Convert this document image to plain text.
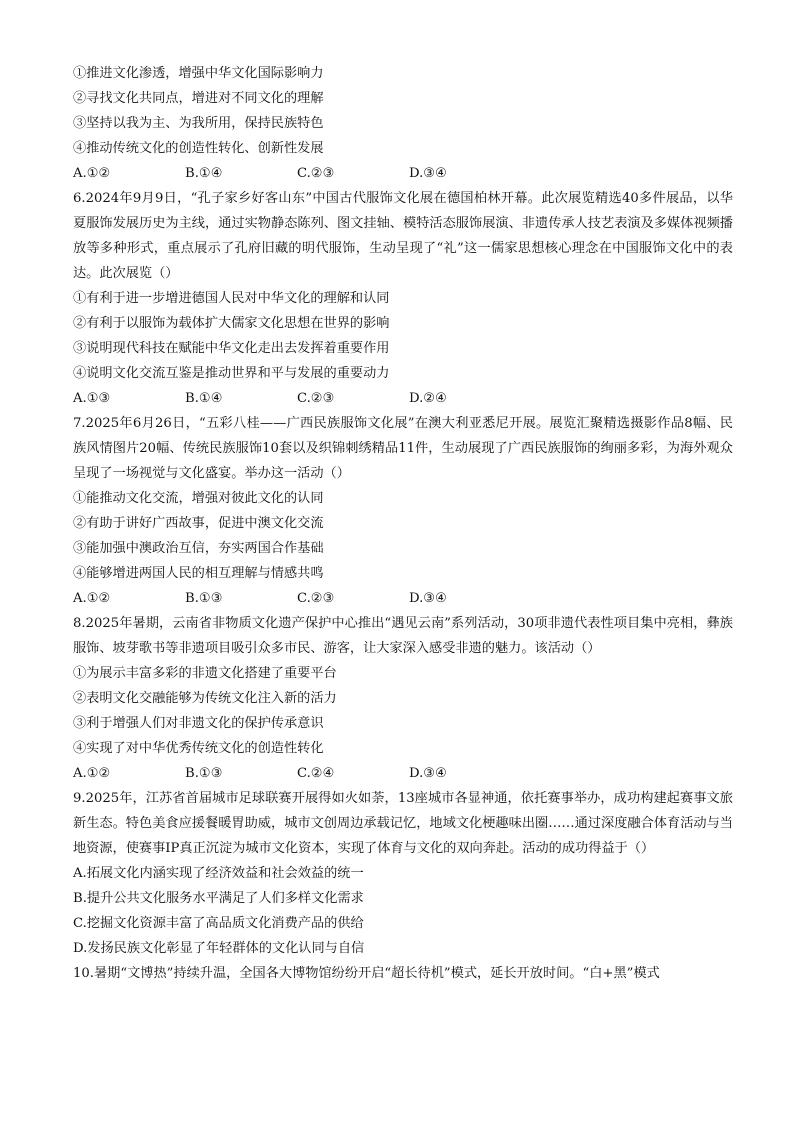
①推进文化渗透，增强中华文化国际影响力
②寻找文化共同点，增进对不同文化的理解
③坚持以我为主、为我所用，保持民族特色
④推动传统文化的创造性转化、创新性发展
A.①②	B.①④	C.②③	D.③④
6.2024年9月9日，“孔子家乡好客山东”中国古代服饰文化展在德国柏林开幕。此次展览精选40多件展品，以华夏服饰发展历史为主线，通过实物静态陈列、图文挂轴、模特活态服饰展演、非遗传承人技艺表演及多媒体视频播放等多种形式，重点展示了孔府旧藏的明代服饰，生动呈现了“礼”这一儒家思想核心理念在中国服饰文化中的表达。此次展览（）
①有利于进一步增进德国人民对中华文化的理解和认同
②有利于以服饰为载体扩大儒家文化思想在世界的影响
③说明现代科技在赋能中华文化走出去发挥着重要作用
④说明文化交流互鉴是推动世界和平与发展的重要动力
A.①③	B.①④	C.②③	D.②④
7.2025年6月26日，“五彩八桂——广西民族服饰文化展”在澳大利亚悉尼开展。展览汇聚精选摄影作品8幅、民族风情图片20幅、传统民族服饰10套以及织锦刺绣精品11件，生动展现了广西民族服饰的绚丽多彩，为海外观众呈现了一场视觉与文化盛宴。举办这一活动（）
①能推动文化交流，增强对彼此文化的认同
②有助于讲好广西故事，促进中澳文化交流
③能加强中澳政治互信，夯实两国合作基础
④能够增进两国人民的相互理解与情感共鸣
A.①②	B.①③	C.②③	D.③④
8.2025年暑期，云南省非物质文化遗产保护中心推出“遇见云南”系列活动，30项非遗代表性项目集中亮相，彝族服饰、坡芽歌书等非遗项目吸引众多市民、游客，让大家深入感受非遗的魅力。该活动（）
①为展示丰富多彩的非遗文化搭建了重要平台
②表明文化交融能够为传统文化注入新的活力
③利于增强人们对非遗文化的保护传承意识
④实现了对中华优秀传统文化的创造性转化
A.①②	B.①③	C.②④	D.③④
9.2025年，江苏省首届城市足球联赛开展得如火如荼，13座城市各显神通，依托赛事举办，成功构建起赛事文旅新生态。特色美食应援餐暖胃助威，城市文创周边承载记忆，地域文化梗趣味出圈……通过深度融合体育活动与当地资源，使赛事IP真正沉淀为城市文化资本，实现了体育与文化的双向奔赴。活动的成功得益于（）
A.拓展文化内涵实现了经济效益和社会效益的统一
B.提升公共文化服务水平满足了人们多样文化需求
C.挖掘文化资源丰富了高品质文化消费产品的供给
D.发扬民族文化彰显了年轻群体的文化认同与自信
10.暑期“文博热”持续升温，全国各大博物馆纷纷开启“超长待机”模式，延长开放时间。“白+黑”模式
